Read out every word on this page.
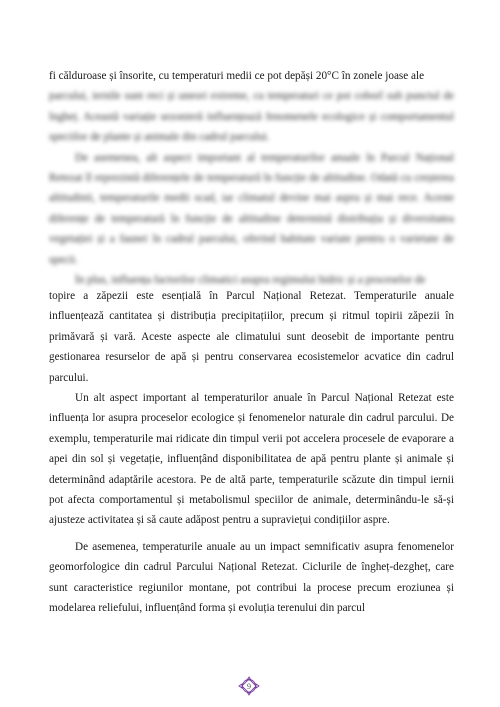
fi călduroase și însorite, cu temperaturi medii ce pot depăși 20°C în zonele joase ale

parcului, iernile sunt reci și uneori extreme, cu temperaturi ce pot coborî sub punctul de îngheț. Această variație sezonieră influențează fenomenele ecologice și comportamentul speciilor de plante și animale din cadrul parcului.

De asemenea, alt aspect important al temperaturilor anuale în Parcul Național Retezat îl reprezintă diferențele de temperatură în funcție de altitudine. Odată cu creșterea altitudinii, temperaturile medii scad, iar climatul devine mai aspru și mai rece. Aceste diferențe de temperatură în funcție de altitudine determină distribuția și diversitatea vegetației și a faunei în cadrul parcului, oferind habitate variate pentru o varietate de specii.

În plus, influența factorilor climatici asupra regimului hidric și a proceselor de

topire a zăpezii este esențială în Parcul Național Retezat. Temperaturile anuale influențează cantitatea și distribuția precipitațiilor, precum și ritmul topirii zăpezii în primăvară și vară. Aceste aspecte ale climatului sunt deosebit de importante pentru gestionarea resurselor de apă și pentru conservarea ecosistemelor acvatice din cadrul parcului.

Un alt aspect important al temperaturilor anuale în Parcul Național Retezat este influența lor asupra proceselor ecologice și fenomenelor naturale din cadrul parcului. De exemplu, temperaturile mai ridicate din timpul verii pot accelera procesele de evaporare a apei din sol și vegetație, influențând disponibilitatea de apă pentru plante și animale și determinând adaptările acestora. Pe de altă parte, temperaturile scăzute din timpul iernii pot afecta comportamentul și metabolismul speciilor de animale, determinându-le să-și ajusteze activitatea și să caute adăpost pentru a supraviețui condițiilor aspre.

De asemenea, temperaturile anuale au un impact semnificativ asupra fenomenelor geomorfologice din cadrul Parcului Național Retezat. Ciclurile de îngheț-dezgheț, care sunt caracteristice regiunilor montane, pot contribui la procese precum eroziunea și modelarea reliefului, influențând forma și evoluția terenului din parcul

9
